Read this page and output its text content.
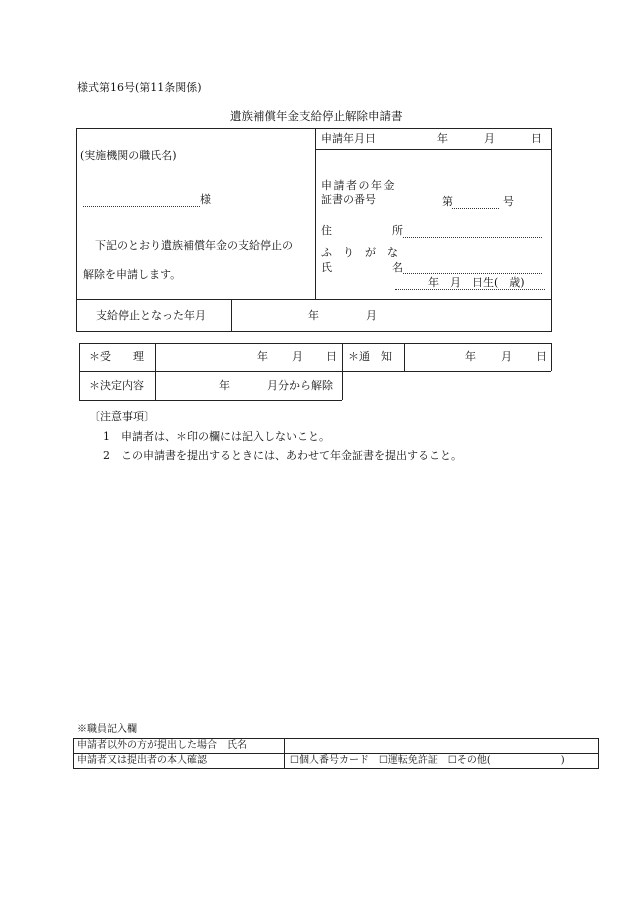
様式第16号(第11条関係)
遺族補償年金支給停止解除申請書
(実施機関の職氏名)
様
下記のとおり遺族補償年金の支給停止の
解除を申請します。
申請年月日	年	月	日
申請者の年金
証書の番号	第	号
住	所
ふ　り　が　な
氏	名
年　月　日生(　歳)
支給停止となった年月	年	月
＊受　　理	年 月 日 ＊通　知	年 月 日
＊決定内容	年	月分から解除
〔注意事項〕
1 申請者は、＊印の欄には記入しないこと。
2 この申請書を提出するときには、あわせて年金証書を提出すること。
※職員記入欄
申請者以外の方が提出した場合　氏名
申請者又は提出者の本人確認	☐個人番号カード　☐運転免許証　☐その他(　　　　　　　)
